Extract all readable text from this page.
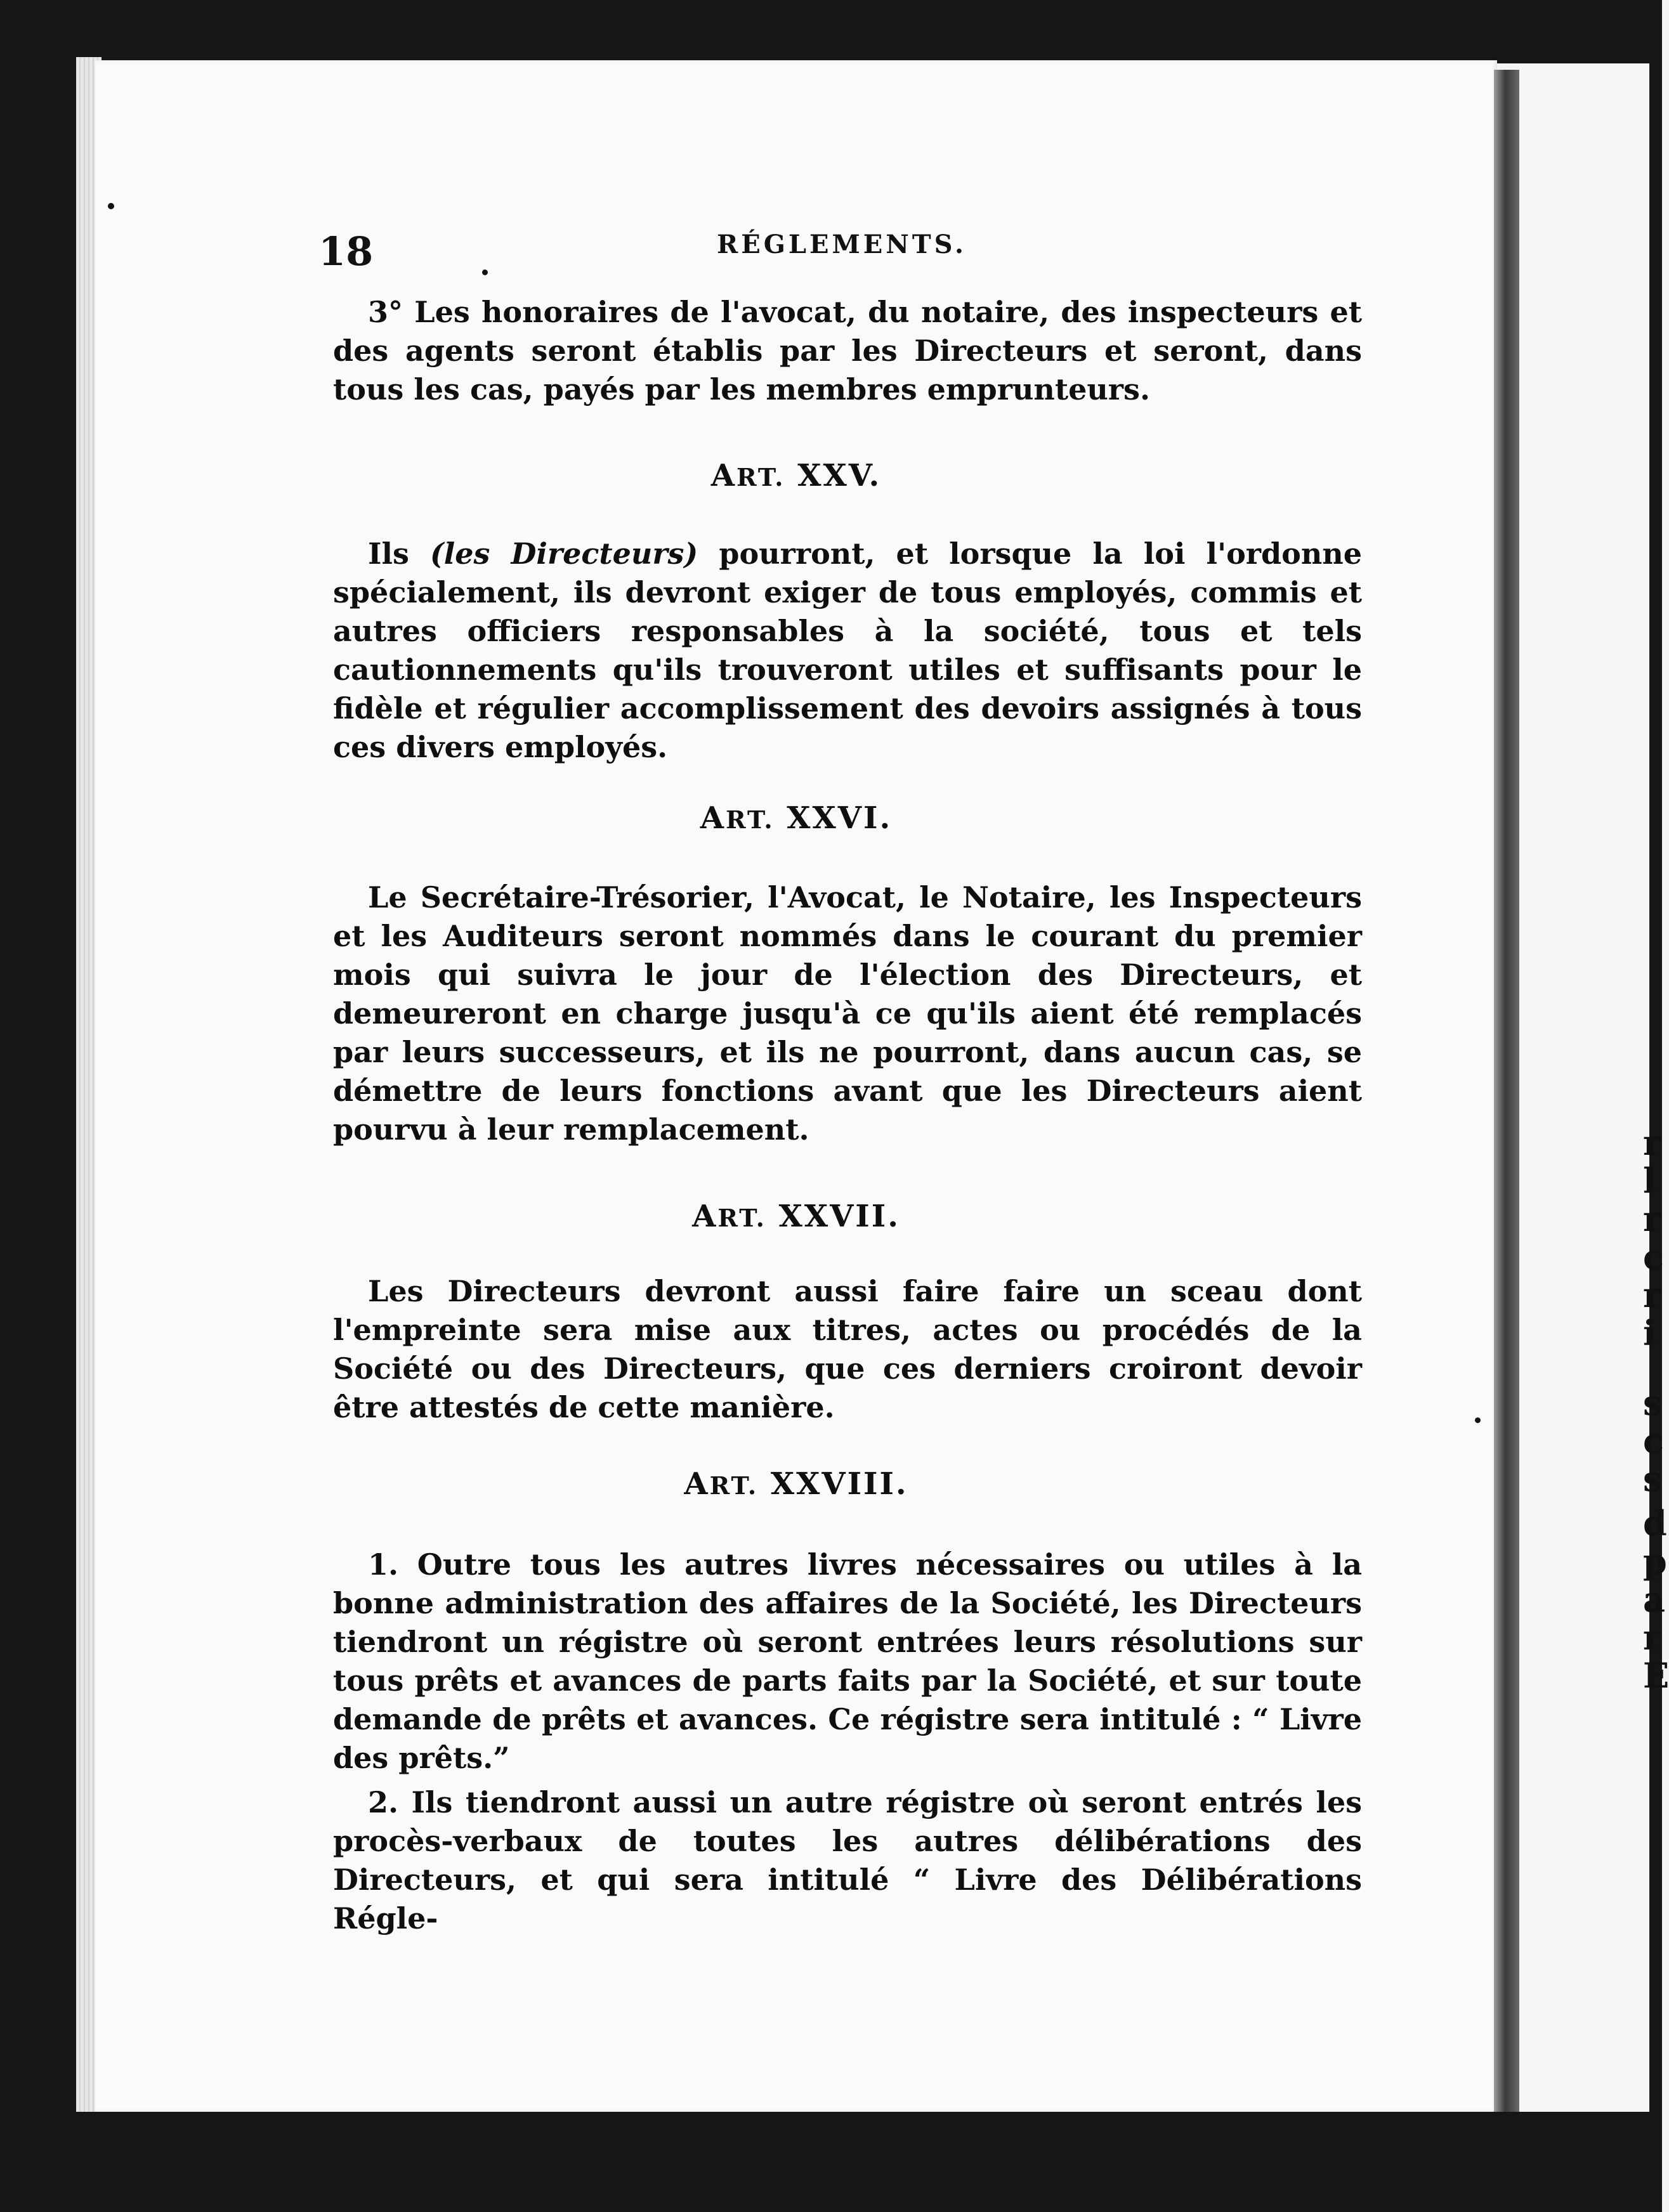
r
l
r
c
r
i
s
c
s
d
p
a
r
E
18	RÉGLEMENTS.
3° Les honoraires de l'avocat, du notaire, des inspecteurs et des agents seront établis par les Directeurs et seront, dans tous les cas, payés par les membres emprunteurs.
ART. XXV.
Ils (les Directeurs) pourront, et lorsque la loi l'ordonne spécialement, ils devront exiger de tous employés, commis et autres officiers responsables à la société, tous et tels cautionnements qu'ils trouveront utiles et suffisants pour le fidèle et régulier accomplissement des devoirs assignés à tous ces divers employés.
ART. XXVI.
Le Secrétaire-Trésorier, l'Avocat, le Notaire, les Inspecteurs et les Auditeurs seront nommés dans le courant du premier mois qui suivra le jour de l'élection des Directeurs, et demeureront en charge jusqu'à ce qu'ils aient été remplacés par leurs successeurs, et ils ne pourront, dans aucun cas, se démettre de leurs fonctions avant que les Directeurs aient pourvu à leur remplacement.
ART. XXVII.
Les Directeurs devront aussi faire faire un sceau dont l'empreinte sera mise aux titres, actes ou procédés de la Société ou des Directeurs, que ces derniers croiront devoir être attestés de cette manière.
ART. XXVIII.
1. Outre tous les autres livres nécessaires ou utiles à la bonne administration des affaires de la Société, les Directeurs tiendront un régistre où seront entrées leurs résolutions sur tous prêts et avances de parts faits par la Société, et sur toute demande de prêts et avances. Ce régistre sera intitulé : “ Livre des prêts.”
2. Ils tiendront aussi un autre régistre où seront entrés les procès-verbaux de toutes les autres délibérations des Directeurs, et qui sera intitulé “ Livre des Délibérations Régle-
